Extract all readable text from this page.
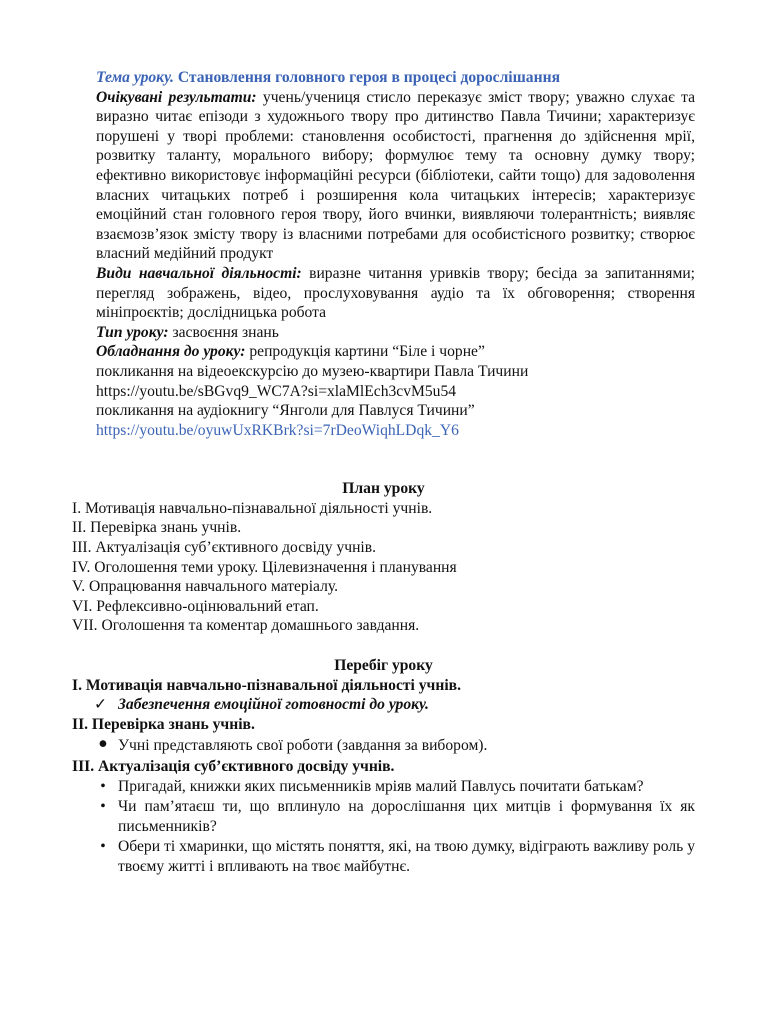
Тема уроку. Становлення головного героя в процесі дорослішання

Очікувані результати: учень/учениця стисло переказує зміст твору; уважно слухає та виразно читає епізоди з художнього твору про дитинство Павла Тичини; характеризує порушені у творі проблеми: становлення особистості, прагнення до здійснення мрії, розвитку таланту, морального вибору; формулює тему та основну думку твору; ефективно використовує інформаційні ресурси (бібліотеки, сайти тощо) для задоволення власних читацьких потреб і розширення кола читацьких інтересів; характеризує емоційний стан головного героя твору, його вчинки, виявляючи толерантність; виявляє взаємозв’язок змісту твору із власними потребами для особистісного розвитку; створює власний медійний продукт

Види навчальної діяльності: виразне читання уривків твору; бесіда за запитаннями; перегляд зображень, відео, прослуховування аудіо та їх обговорення; створення мініпроєктів; дослідницька робота

Тип уроку: засвоєння знань

Обладнання до уроку: репродукція картини “Біле і чорне”

покликання на відеоекскурсію до музею-квартири Павла Тичини

https://youtu.be/sBGvq9_WC7A?si=xlaMlEch3cvM5u54

покликання на аудіокнигу “Янголи для Павлуся Тичини”

https://youtu.be/oyuwUxRKBrk?si=7rDeoWiqhLDqk_Y6

План уроку

І. Мотивація навчально-пізнавальної діяльності учнів.

ІІ. Перевірка знань учнів.

ІІІ. Актуалізація суб’єктивного досвіду учнів.

IV. Оголошення теми уроку. Цілевизначення і планування

V. Опрацювання навчального матеріалу.

VI. Рефлексивно-оцінювальний етап.

VII. Оголошення та коментар домашнього завдання.

Перебіг уроку

І. Мотивація навчально-пізнавальної діяльності учнів.

✓ Забезпечення емоційної готовності до уроку.

ІІ. Перевірка знань учнів.

● Учні представляють свої роботи (завдання за вибором).

ІІІ. Актуалізація суб’єктивного досвіду учнів.

• Пригадай, книжки яких письменників мріяв малий Павлусь почитати батькам?
• Чи пам’ятаєш ти, що вплинуло на дорослішання цих митців і формування їх як письменників?
• Обери ті хмаринки, що містять поняття, які, на твою думку, відіграють важливу роль у твоєму житті і впливають на твоє майбутнє.
